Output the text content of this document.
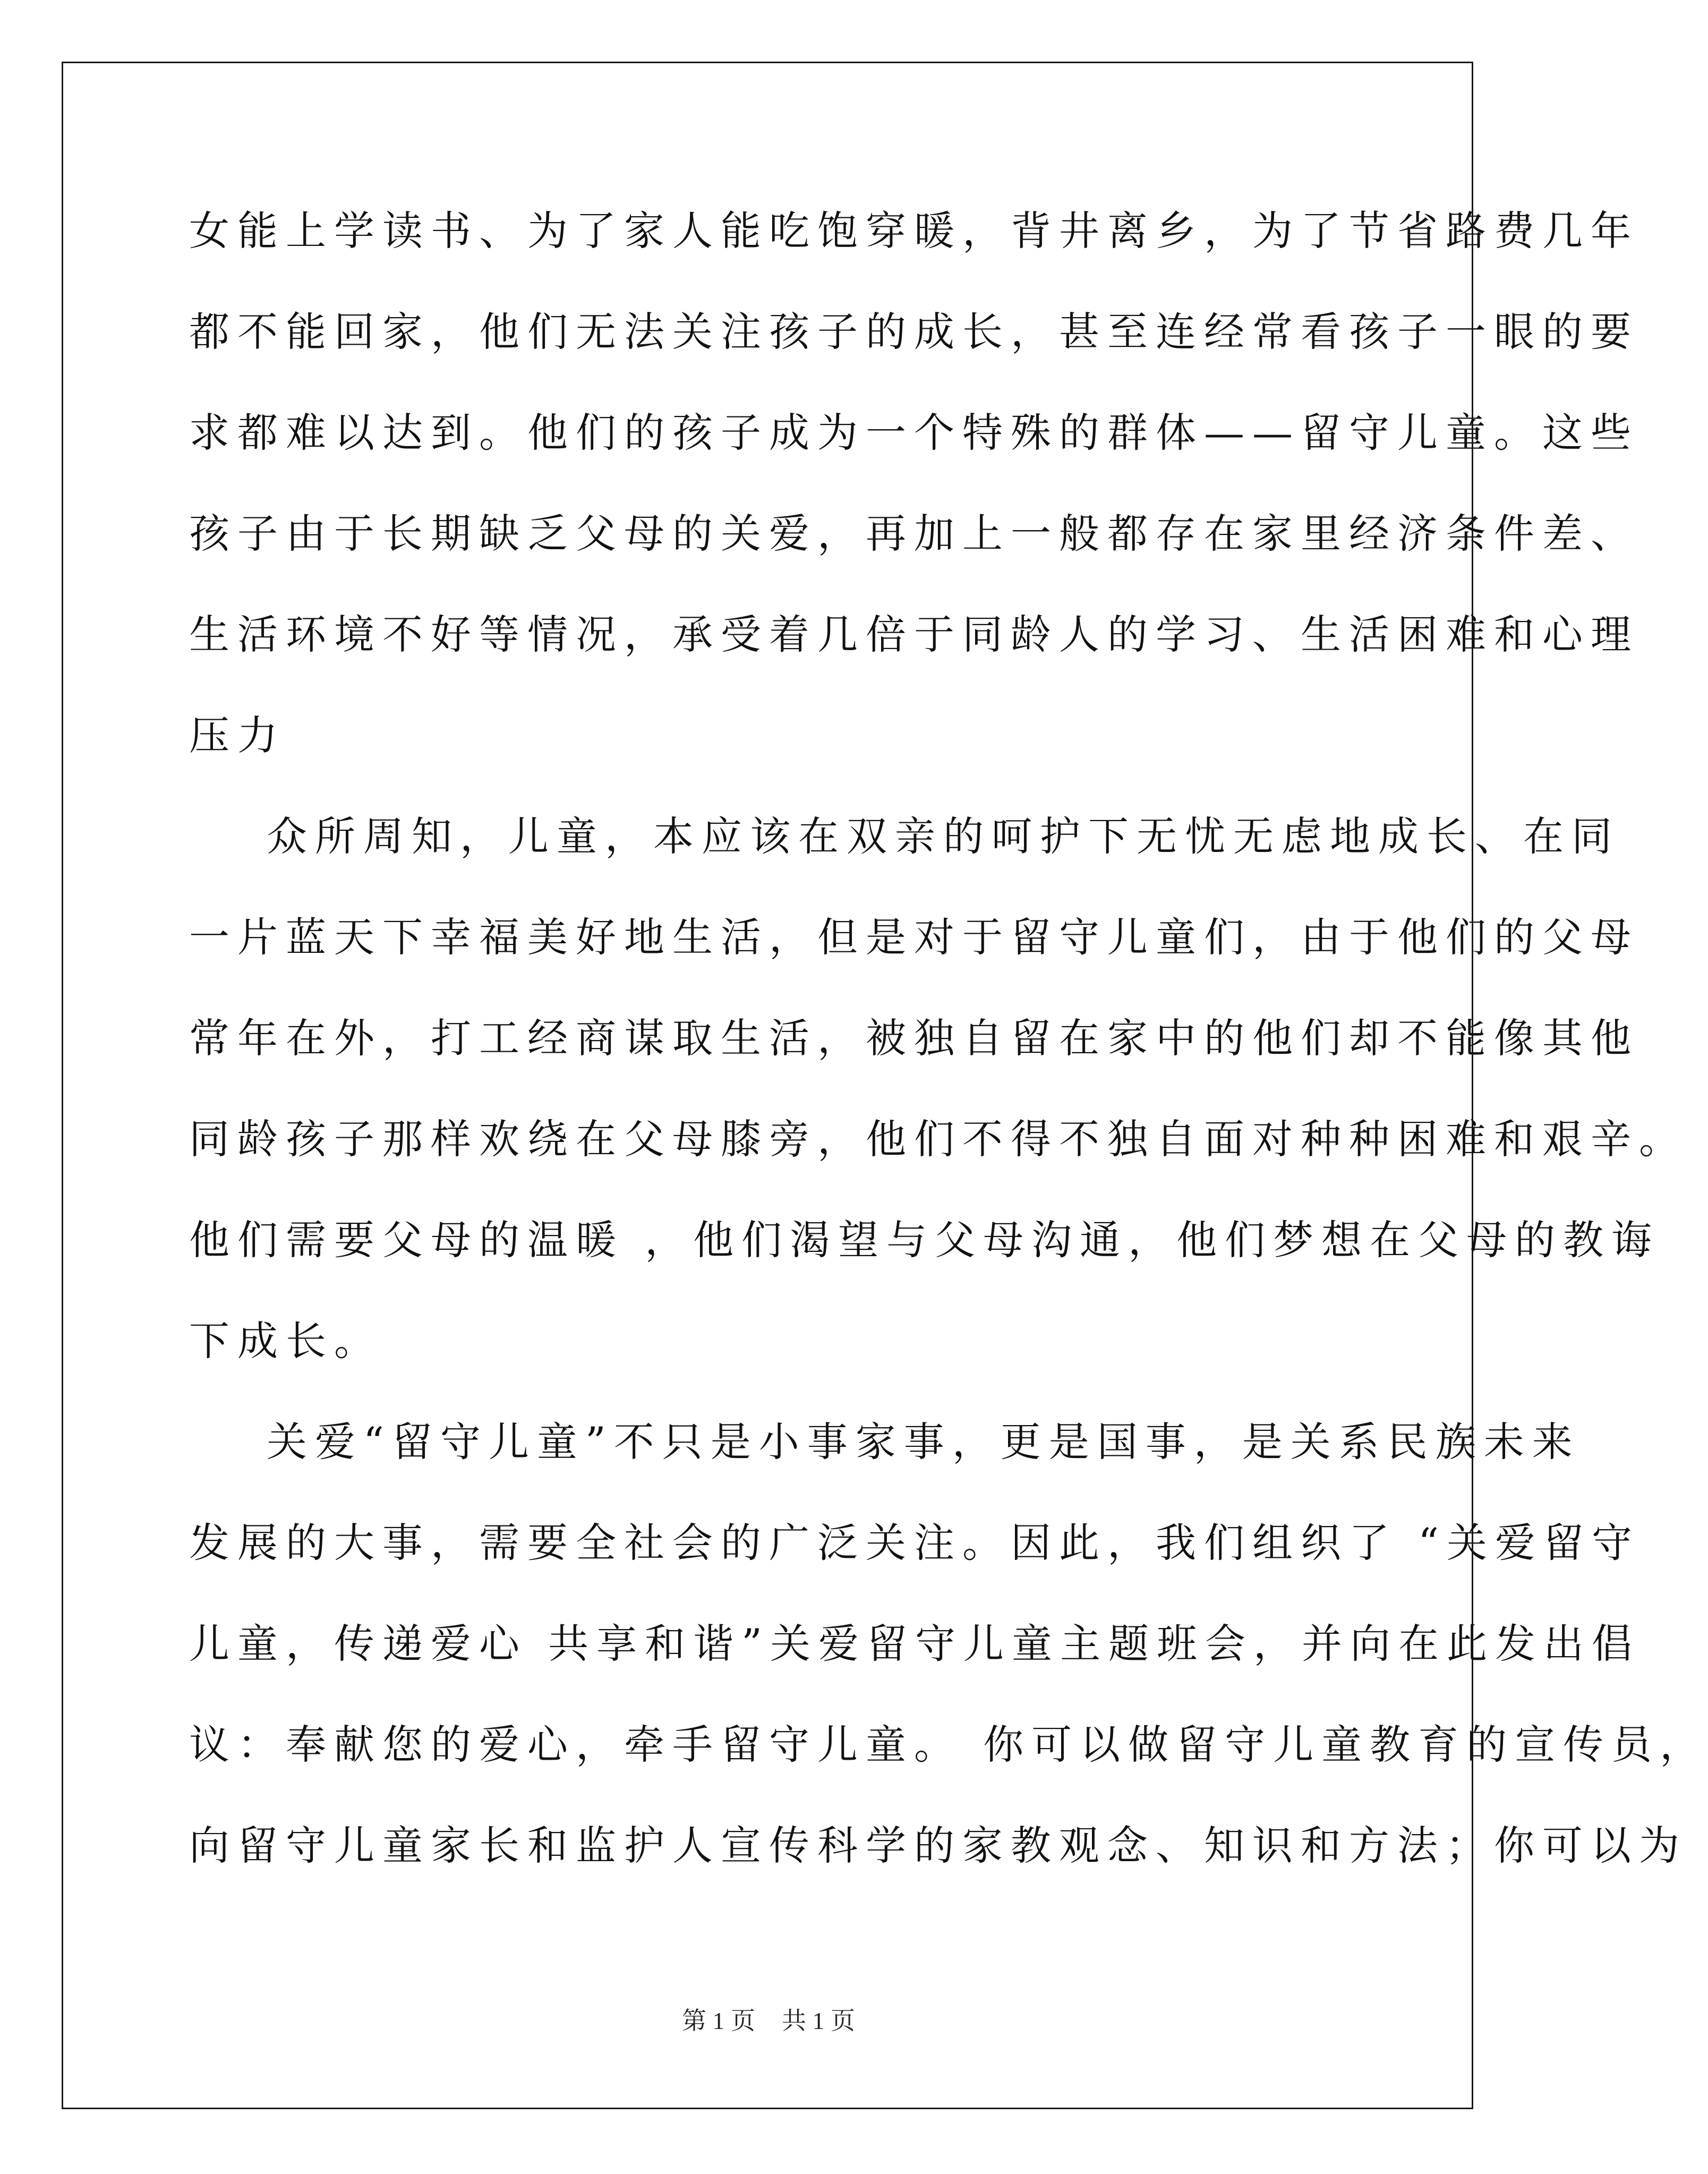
女能上学读书、为了家人能吃饱穿暖，背井离乡，为了节省路费几年
都不能回家，他们无法关注孩子的成长，甚至连经常看孩子一眼的要
求都难以达到。他们的孩子成为一个特殊的群体——留守儿童。这些
孩子由于长期缺乏父母的关爱，再加上一般都存在家里经济条件差、
生活环境不好等情况，承受着几倍于同龄人的学习、生活困难和心理
压力
众所周知，儿童，本应该在双亲的呵护下无忧无虑地成长、在同
一片蓝天下幸福美好地生活，但是对于留守儿童们，由于他们的父母
常年在外，打工经商谋取生活，被独自留在家中的他们却不能像其他
同龄孩子那样欢绕在父母膝旁，他们不得不独自面对种种困难和艰辛。
他们需要父母的温暖 ，他们渴望与父母沟通，他们梦想在父母的教诲
下成长。
关爱“留守儿童”不只是小事家事，更是国事，是关系民族未来
发展的大事，需要全社会的广泛关注。因此，我们组织了 “关爱留守
儿童，传递爱心 共享和谐”关爱留守儿童主题班会，并向在此发出倡
议：奉献您的爱心，牵手留守儿童。 你可以做留守儿童教育的宣传员，
向留守儿童家长和监护人宣传科学的家教观念、知识和方法；你可以为
第 1 页 共 1 页
